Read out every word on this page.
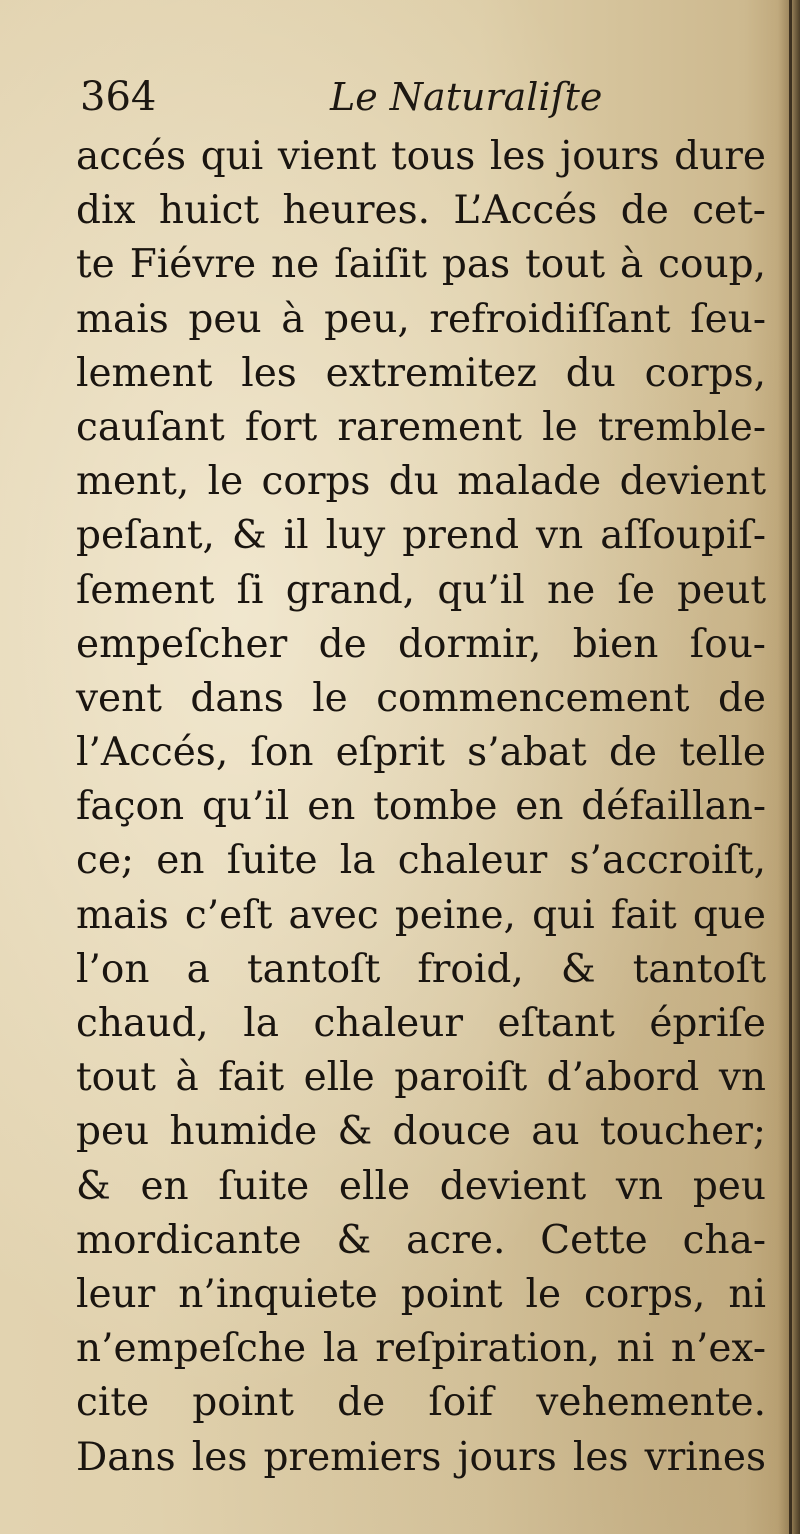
364	Le Naturaliſte
accés qui vient tous les jours dure
dix huict heures. L’Accés de cet-
te Fiévre ne ſaiſit pas tout à coup,
mais peu à peu, refroidiſſant ſeu-
lement les extremitez du corps,
cauſant fort rarement le tremble-
ment, le corps du malade devient
peſant, & il luy prend vn aſſoupiſ-
ſement ſi grand, qu’il ne ſe peut
empeſcher de dormir, bien ſou-
vent dans le commencement de
l’Accés, ſon eſprit s’abat de telle
façon qu’il en tombe en défaillan-
ce; en ſuite la chaleur s’accroiſt,
mais c’eſt avec peine, qui fait que
l’on a tantoſt froid, & tantoſt
chaud, la chaleur eſtant épriſe
tout à fait elle paroiſt d’abord vn
peu humide & douce au toucher;
& en ſuite elle devient vn peu
mordicante & acre. Cette cha-
leur n’inquiete point le corps, ni
n’empeſche la reſpiration, ni n’ex-
cite point de ſoif vehemente.
Dans les premiers jours les vrines
